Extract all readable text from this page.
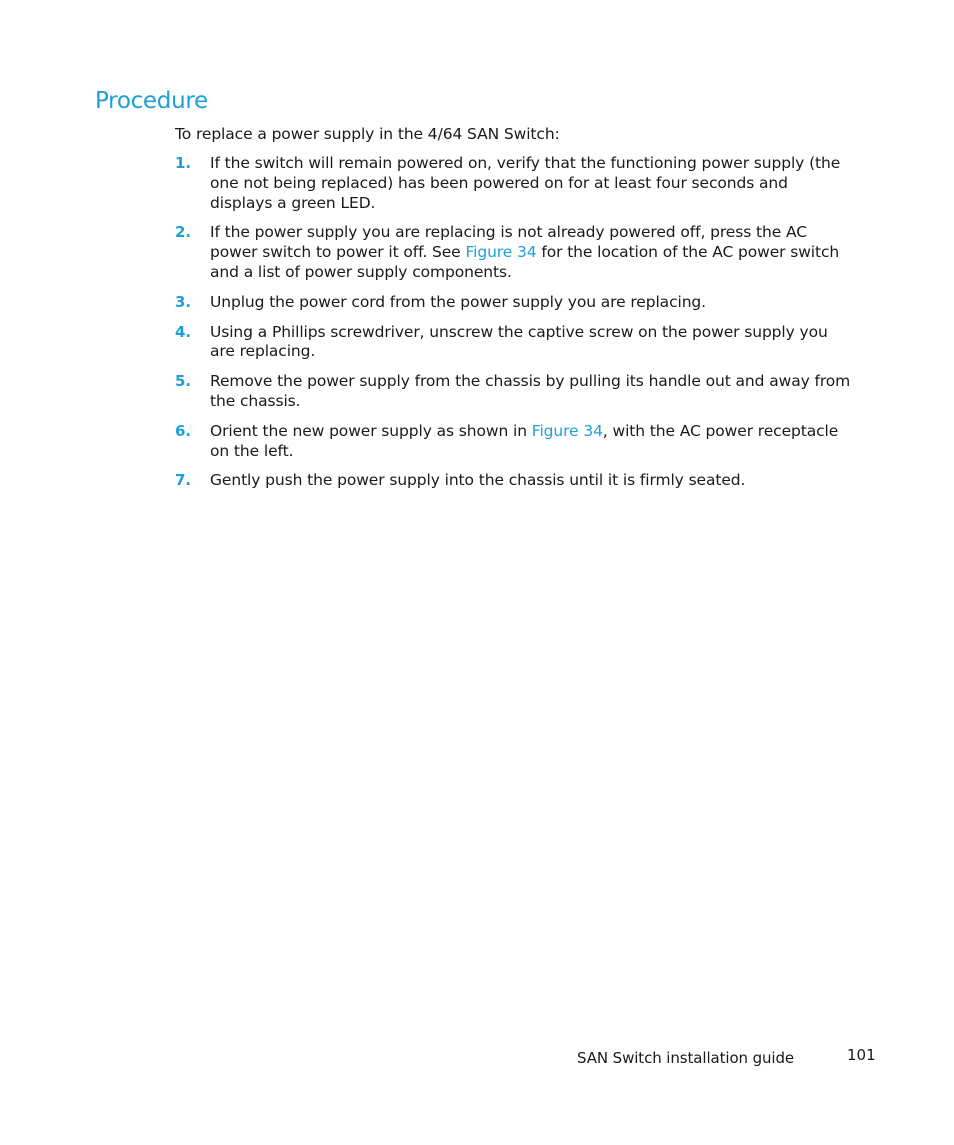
Procedure

To replace a power supply in the 4/64 SAN Switch:

1. If the switch will remain powered on, verify that the functioning power supply (the one not being replaced) has been powered on for at least four seconds and displays a green LED.
2. If the power supply you are replacing is not already powered off, press the AC power switch to power it off. See Figure 34 for the location of the AC power switch and a list of power supply components.
3. Unplug the power cord from the power supply you are replacing.
4. Using a Phillips screwdriver, unscrew the captive screw on the power supply you are replacing.
5. Remove the power supply from the chassis by pulling its handle out and away from the chassis.
6. Orient the new power supply as shown in Figure 34, with the AC power receptacle on the left.
7. Gently push the power supply into the chassis until it is firmly seated.
SAN Switch installation guide	101
